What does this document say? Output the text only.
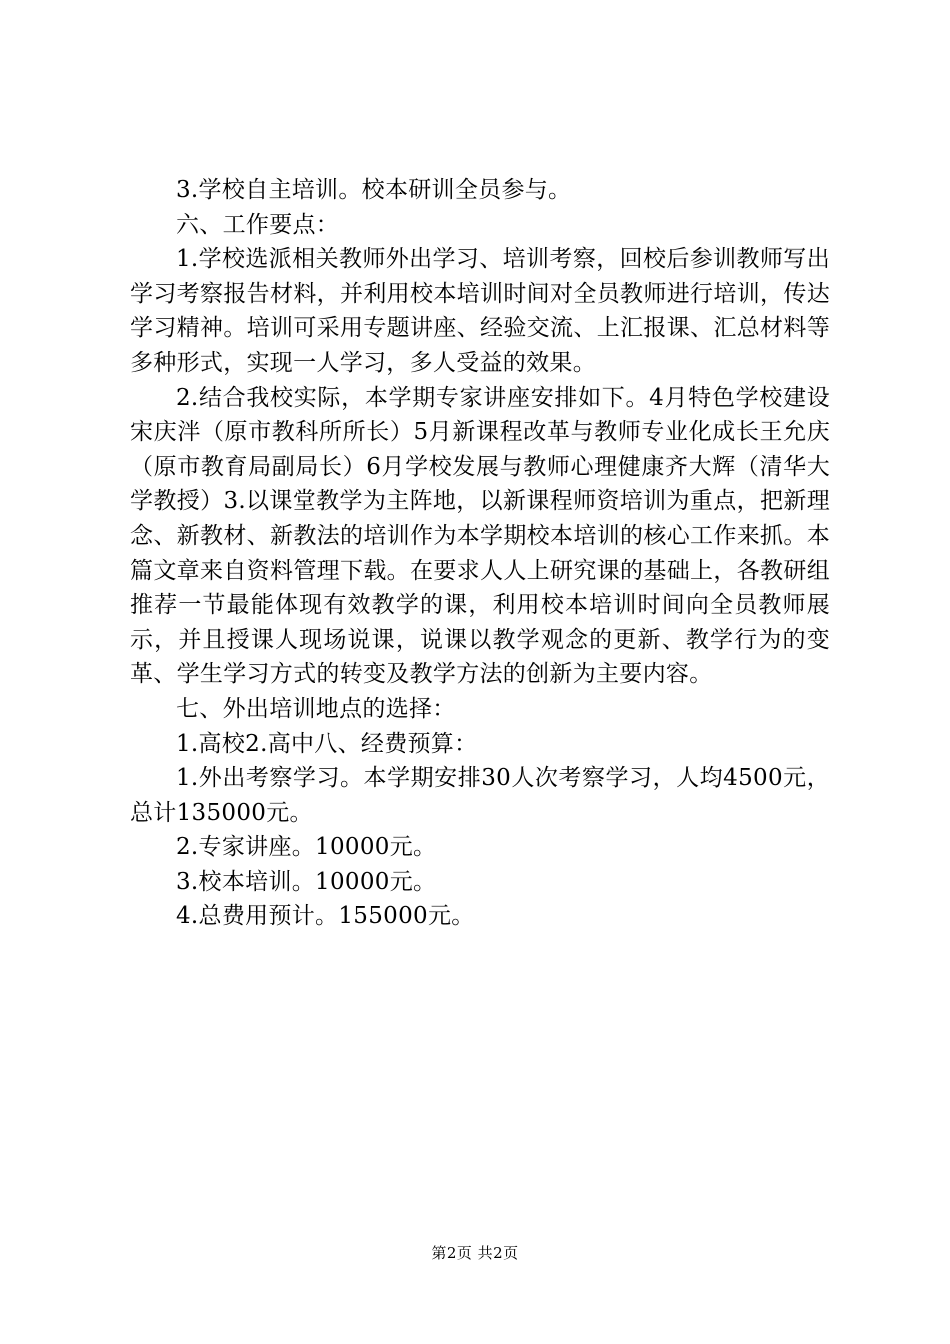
3.学校自主培训。校本研训全员参与。

六、工作要点：

1.学校选派相关教师外出学习、培训考察，回校后参训教师写出学习考察报告材料，并利用校本培训时间对全员教师进行培训，传达学习精神。培训可采用专题讲座、经验交流、上汇报课、汇总材料等多种形式，实现一人学习，多人受益的效果。

2.结合我校实际，本学期专家讲座安排如下。4月特色学校建设宋庆泮（原市教科所所长）5月新课程改革与教师专业化成长王允庆（原市教育局副局长）6月学校发展与教师心理健康齐大辉（清华大学教授）3.以课堂教学为主阵地，以新课程师资培训为重点，把新理念、新教材、新教法的培训作为本学期校本培训的核心工作来抓。本篇文章来自资料管理下载。在要求人人上研究课的基础上，各教研组推荐一节最能体现有效教学的课，利用校本培训时间向全员教师展示，并且授课人现场说课，说课以教学观念的更新、教学行为的变革、学生学习方式的转变及教学方法的创新为主要内容。

七、外出培训地点的选择：

1.高校2.高中八、经费预算：

1.外出考察学习。本学期安排30人次考察学习，人均4500元，总计135000元。

2.专家讲座。10000元。

3.校本培训。10000元。

4.总费用预计。155000元。

第2页 共2页
